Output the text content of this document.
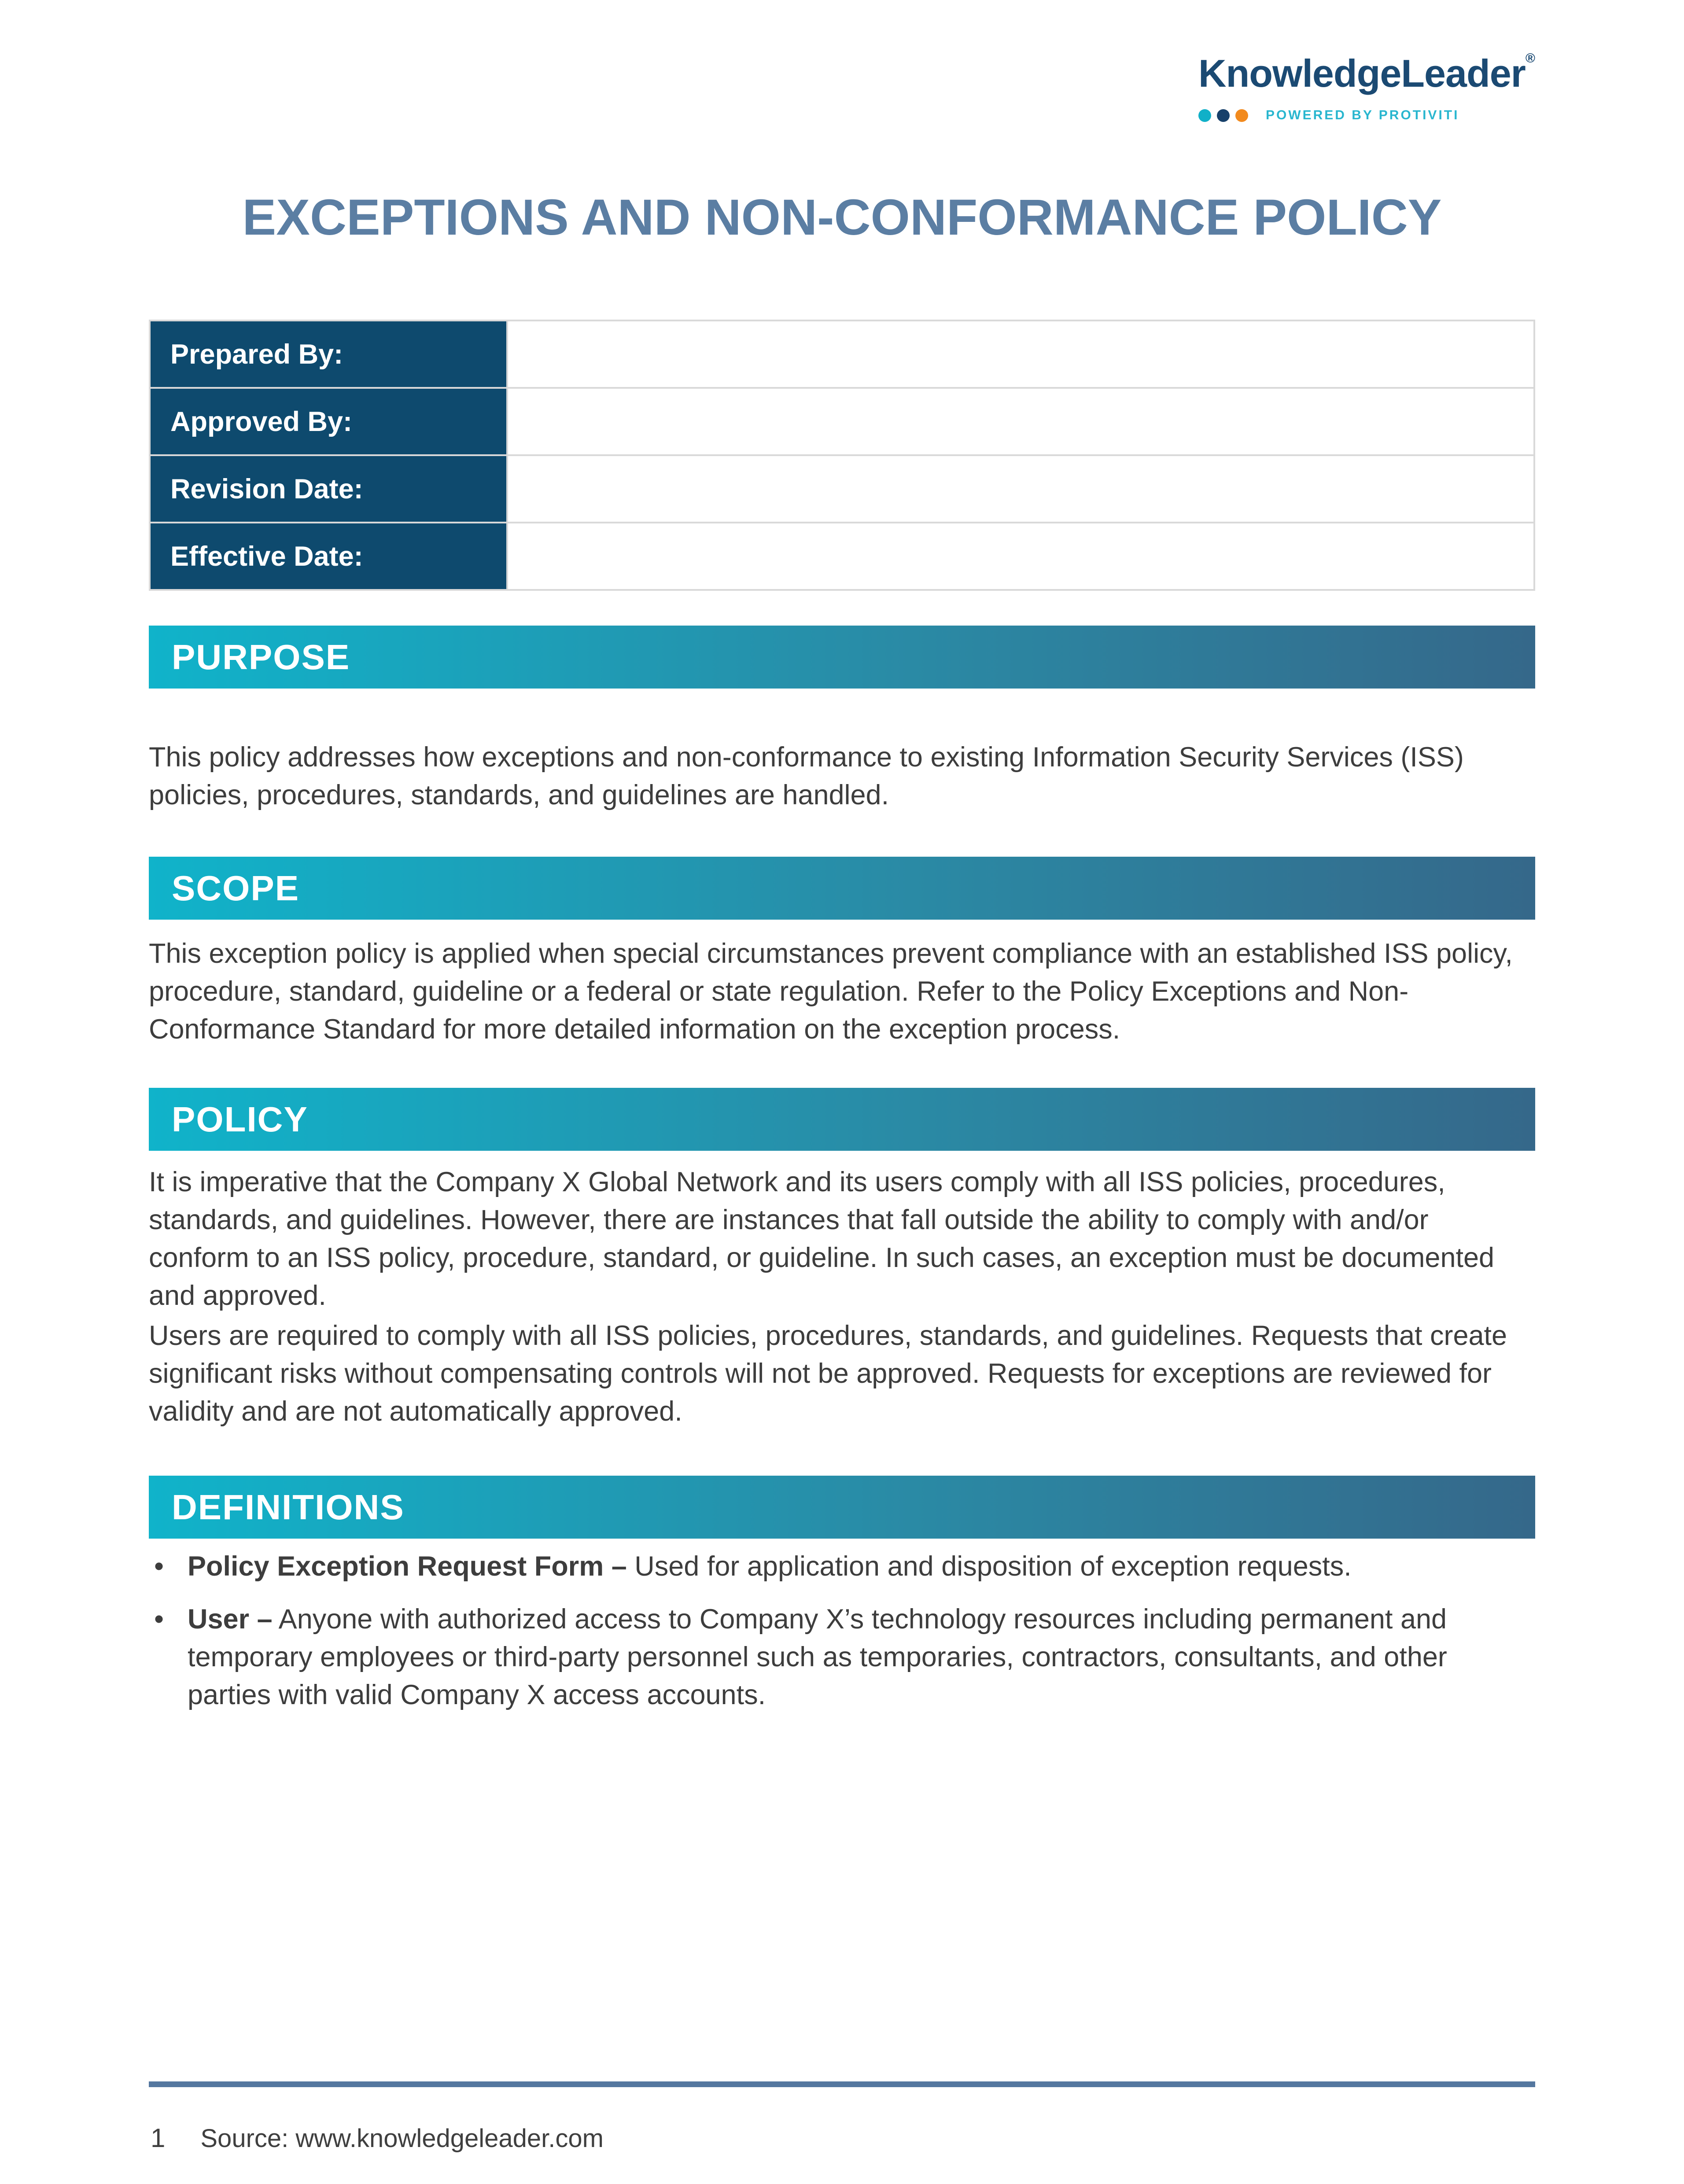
KnowledgeLeader®
POWERED BY PROTIVITI
EXCEPTIONS AND NON-CONFORMANCE POLICY
Prepared By:	
Approved By:	
Revision Date:	
Effective Date:	
PURPOSE

This policy addresses how exceptions and non-conformance to existing Information Security Services (ISS) policies, procedures, standards, and guidelines are handled.

SCOPE

This exception policy is applied when special circumstances prevent compliance with an established ISS policy, procedure, standard, guideline or a federal or state regulation. Refer to the Policy Exceptions and Non-Conformance Standard for more detailed information on the exception process.

POLICY

It is imperative that the Company X Global Network and its users comply with all ISS policies, procedures, standards, and guidelines. However, there are instances that fall outside the ability to comply with and/or conform to an ISS policy, procedure, standard, or guideline. In such cases, an exception must be documented and approved.

Users are required to comply with all ISS policies, procedures, standards, and guidelines. Requests that create significant risks without compensating controls will not be approved. Requests for exceptions are reviewed for validity and are not automatically approved.

DEFINITIONS
• Policy Exception Request Form – Used for application and disposition of exception requests.
• User – Anyone with authorized access to Company X’s technology resources including permanent and temporary employees or third-party personnel such as temporaries, contractors, consultants, and other parties with valid Company X access accounts.
1 Source: www.knowledgeleader.com
